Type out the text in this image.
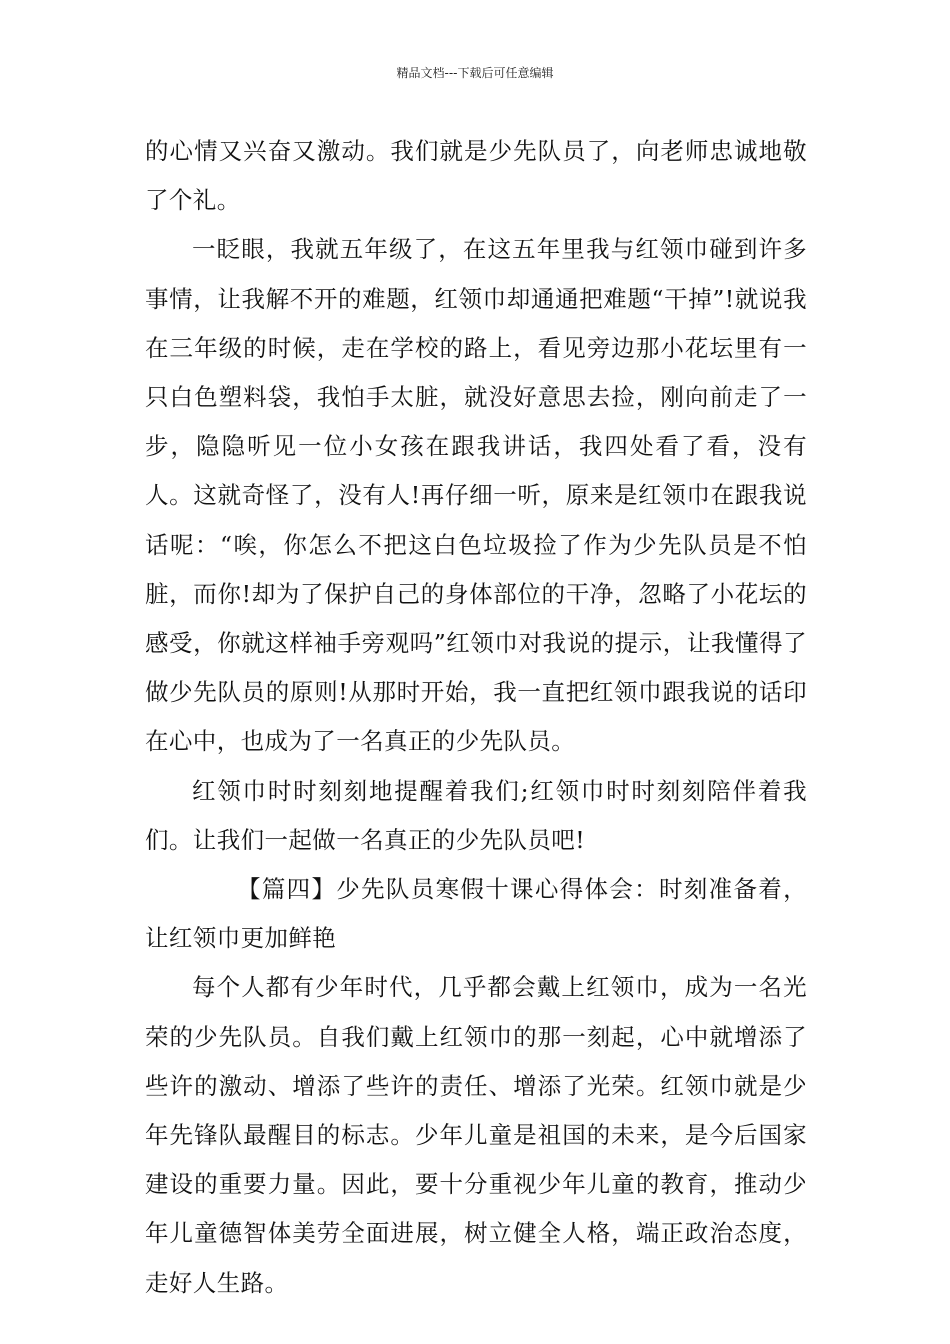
精品文档---下载后可任意编辑

的心情又兴奋又激动。我们就是少先队员了，向老师忠诚地敬了个礼。

一眨眼，我就五年级了，在这五年里我与红领巾碰到许多事情，让我解不开的难题，红领巾却通通把难题“干掉”!就说我在三年级的时候，走在学校的路上，看见旁边那小花坛里有一只白色塑料袋，我怕手太脏，就没好意思去捡，刚向前走了一步，隐隐听见一位小女孩在跟我讲话，我四处看了看，没有人。这就奇怪了，没有人!再仔细一听，原来是红领巾在跟我说话呢：“唉，你怎么不把这白色垃圾捡了作为少先队员是不怕脏，而你!却为了保护自己的身体部位的干净，忽略了小花坛的感受，你就这样袖手旁观吗”红领巾对我说的提示，让我懂得了做少先队员的原则!从那时开始，我一直把红领巾跟我说的话印在心中，也成为了一名真正的少先队员。

红领巾时时刻刻地提醒着我们;红领巾时时刻刻陪伴着我们。让我们一起做一名真正的少先队员吧!

【篇四】少先队员寒假十课心得体会：时刻准备着，让红领巾更加鲜艳

每个人都有少年时代，几乎都会戴上红领巾，成为一名光荣的少先队员。自我们戴上红领巾的那一刻起，心中就增添了些许的激动、增添了些许的责任、增添了光荣。红领巾就是少年先锋队最醒目的标志。少年儿童是祖国的未来，是今后国家建设的重要力量。因此，要十分重视少年儿童的教育，推动少年儿童德智体美劳全面进展，树立健全人格，端正政治态度，走好人生路。
